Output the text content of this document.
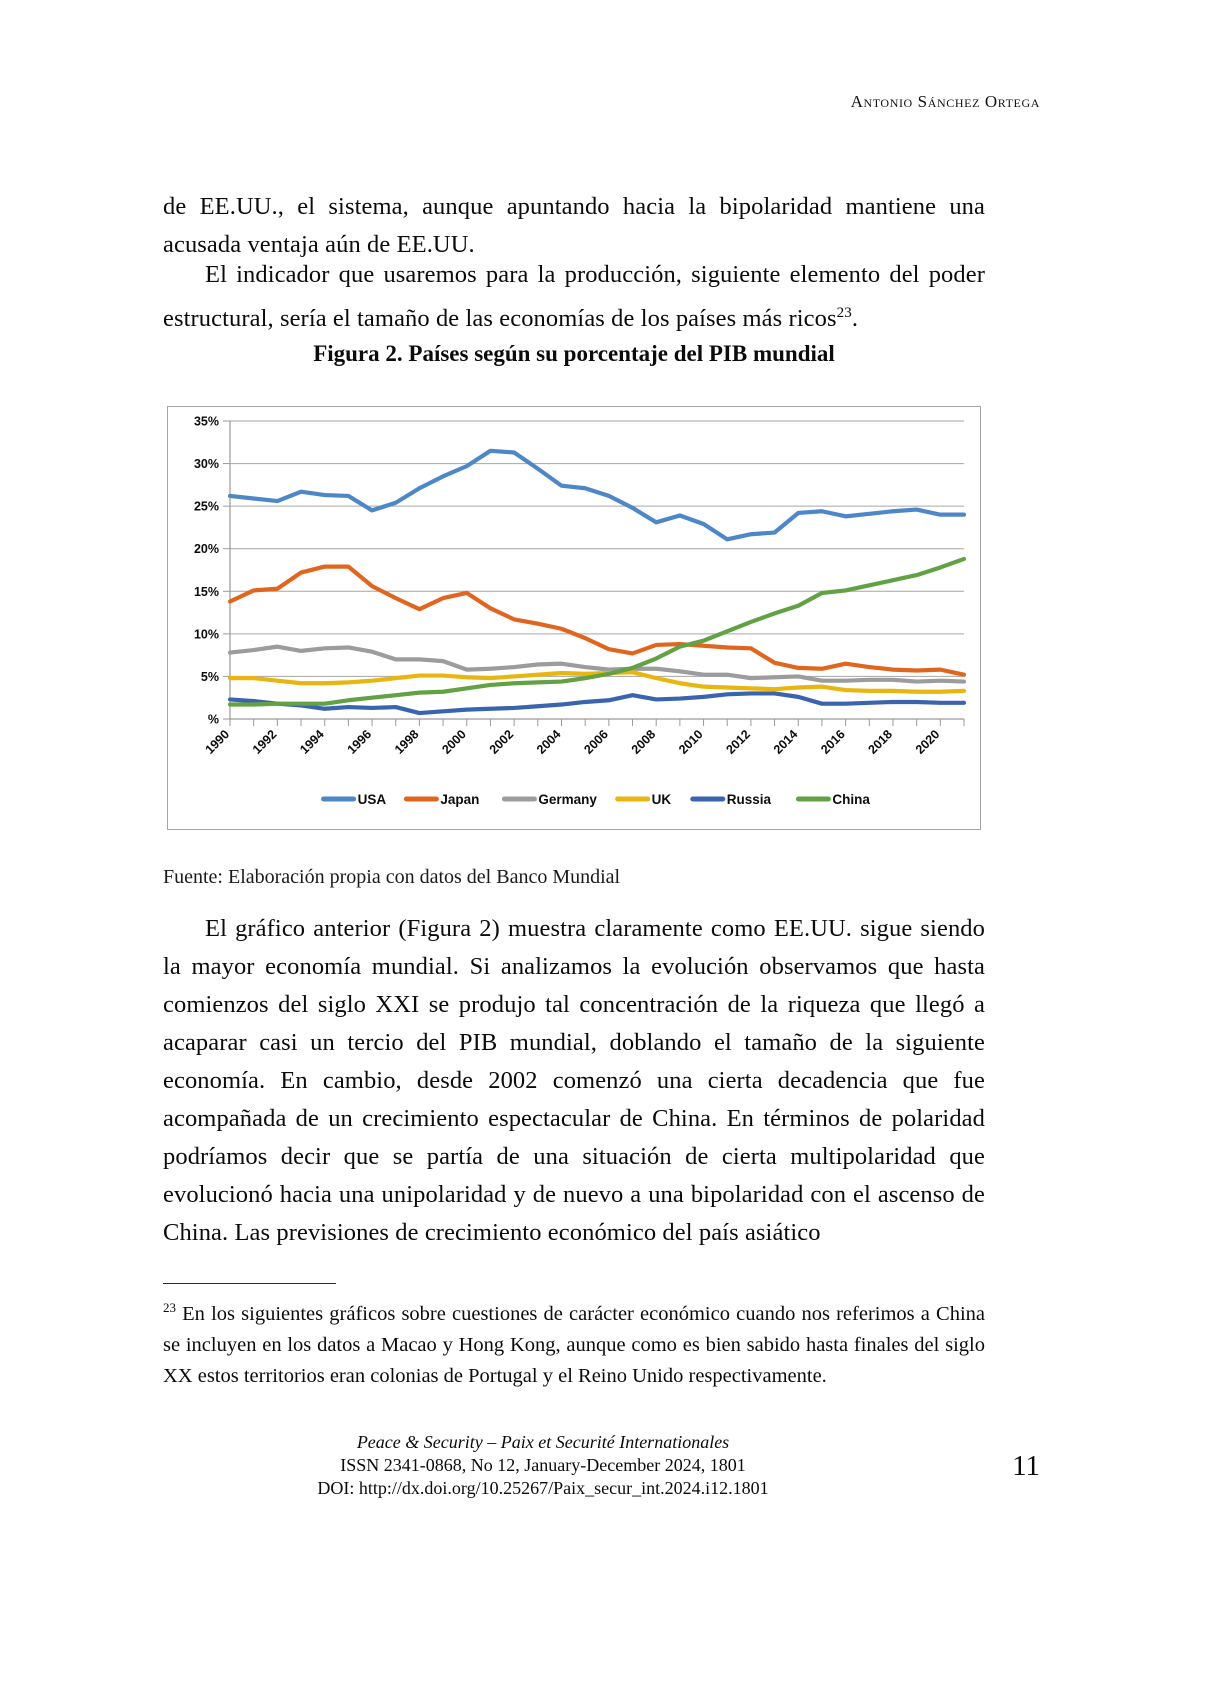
Antonio Sánchez Ortega

de EE.UU., el sistema, aunque apuntando hacia la bipolaridad mantiene una acusada ventaja aún de EE.UU.

El indicador que usaremos para la producción, siguiente elemento del poder estructural, sería el tamaño de las economías de los países más ricos$^{23}$.

Figura 2. Países según su porcentaje del PIB mundial
%
5%
10%
15%
20%
25%
30%
35%
1990 1992 1994 1996 1998 2000 2002 2004 2006 2008 2010 2012 2014 2016 2018 2020
USA	Japan	Germany	UK	Russia	China
Fuente: Elaboración propia con datos del Banco Mundial

El gráfico anterior (Figura 2) muestra claramente como EE.UU. sigue siendo la mayor economía mundial. Si analizamos la evolución observamos que hasta comienzos del siglo XXI se produjo tal concentración de la riqueza que llegó a acaparar casi un tercio del PIB mundial, doblando el tamaño de la siguiente economía. En cambio, desde 2002 comenzó una cierta decadencia que fue acompañada de un crecimiento espectacular de China. En términos de polaridad podríamos decir que se partía de una situación de cierta multipolaridad que evolucionó hacia una unipolaridad y de nuevo a una bipolaridad con el ascenso de China. Las previsiones de crecimiento económico del país asiático

$^{23}$ En los siguientes gráficos sobre cuestiones de carácter económico cuando nos referimos a China se incluyen en los datos a Macao y Hong Kong, aunque como es bien sabido hasta finales del siglo XX estos territorios eran colonias de Portugal y el Reino Unido respectivamente.
Peace & Security – Paix et Securité Internationales
ISSN 2341-0868, No 12, January-December 2024, 1801
DOI: http://dx.doi.org/10.25267/Paix_secur_int.2024.i12.1801
11
